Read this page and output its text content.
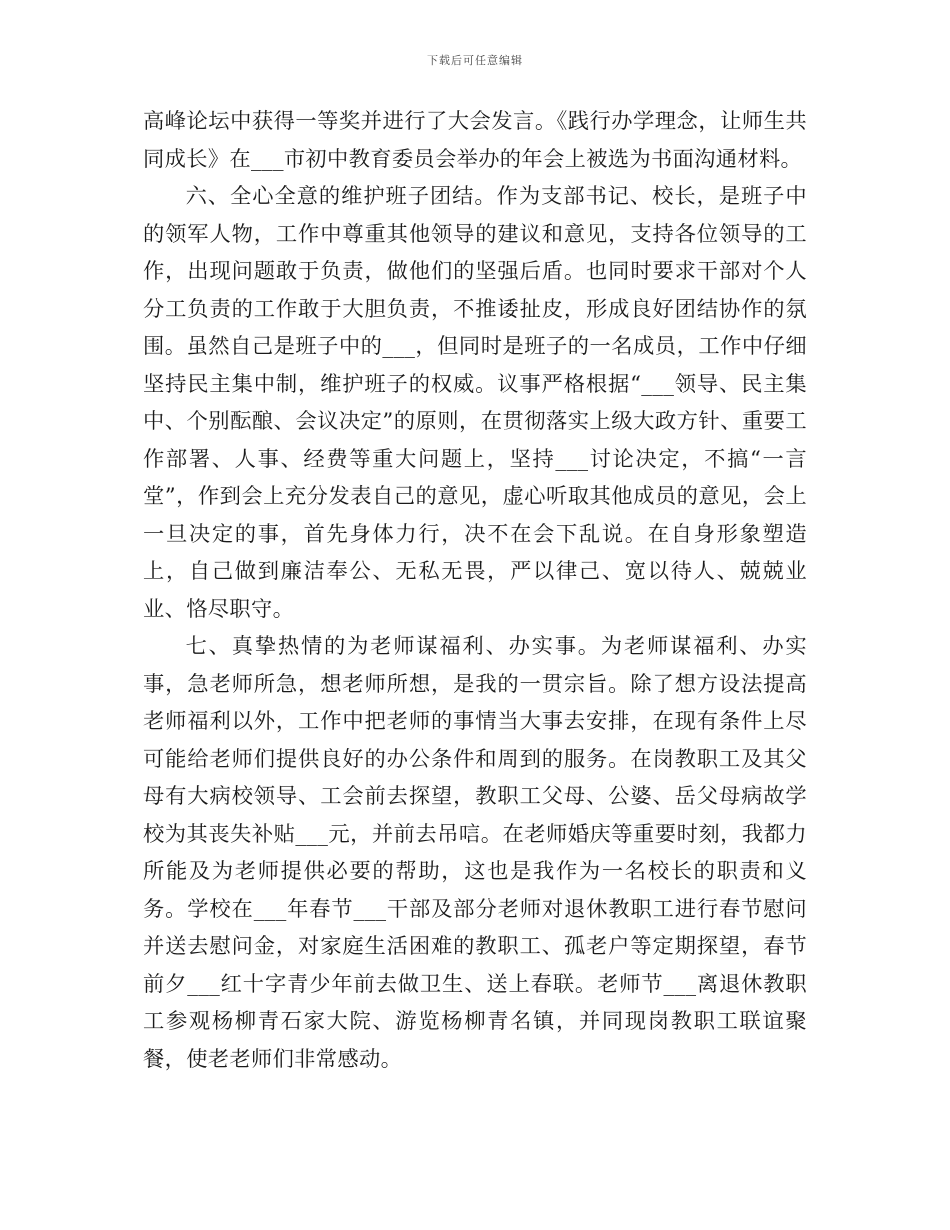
下载后可任意编辑

高峰论坛中获得一等奖并进行了大会发言。《践行办学理念，让师生共同成长》在___市初中教育委员会举办的年会上被选为书面沟通材料。

六、全心全意的维护班子团结。作为支部书记、校长，是班子中的领军人物，工作中尊重其他领导的建议和意见，支持各位领导的工作，出现问题敢于负责，做他们的坚强后盾。也同时要求干部对个人分工负责的工作敢于大胆负责，不推诿扯皮，形成良好团结协作的氛围。虽然自己是班子中的___，但同时是班子的一名成员，工作中仔细坚持民主集中制，维护班子的权威。议事严格根据“___领导、民主集中、个别酝酿、会议决定”的原则，在贯彻落实上级大政方针、重要工作部署、人事、经费等重大问题上，坚持___讨论决定，不搞“一言堂”，作到会上充分发表自己的意见，虚心听取其他成员的意见，会上一旦决定的事，首先身体力行，决不在会下乱说。在自身形象塑造上，自己做到廉洁奉公、无私无畏，严以律己、宽以待人、兢兢业业、恪尽职守。

七、真挚热情的为老师谋福利、办实事。为老师谋福利、办实事，急老师所急，想老师所想，是我的一贯宗旨。除了想方设法提高老师福利以外，工作中把老师的事情当大事去安排，在现有条件上尽可能给老师们提供良好的办公条件和周到的服务。在岗教职工及其父母有大病校领导、工会前去探望，教职工父母、公婆、岳父母病故学校为其丧失补贴___元，并前去吊唁。在老师婚庆等重要时刻，我都力所能及为老师提供必要的帮助，这也是我作为一名校长的职责和义务。学校在___年春节___干部及部分老师对退休教职工进行春节慰问并送去慰问金，对家庭生活困难的教职工、孤老户等定期探望，春节前夕___红十字青少年前去做卫生、送上春联。老师节___离退休教职工参观杨柳青石家大院、游览杨柳青名镇，并同现岗教职工联谊聚餐，使老老师们非常感动。
